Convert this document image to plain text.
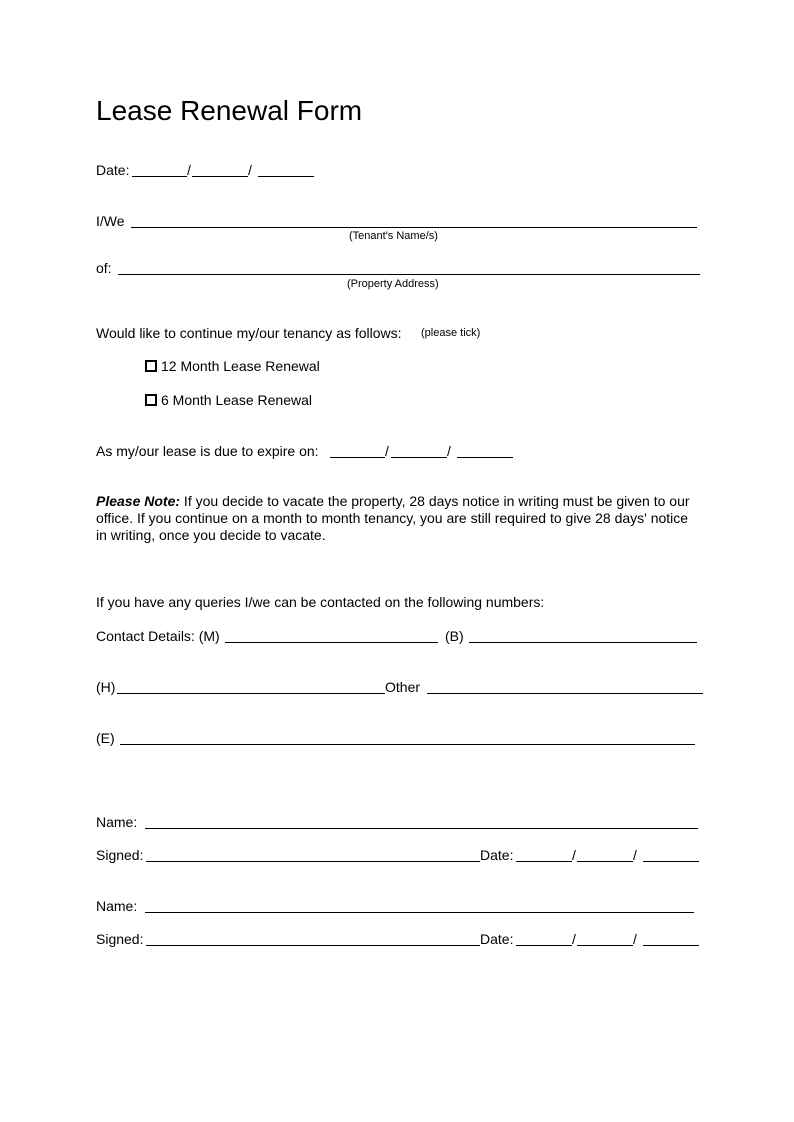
Lease Renewal Form
Date:	/	/
I/We
(Tenant's Name/s)
of:
(Property Address)
Would like to continue my/our tenancy as follows: (please tick)
12 Month Lease Renewal
6 Month Lease Renewal
As my/our lease is due to expire on:	/	/
Please Note: If you decide to vacate the property, 28 days notice in writing must be given to our office. If you continue on a month to month tenancy, you are still required to give 28 days' notice in writing, once you decide to vacate.
If you have any queries I/we can be contacted on the following numbers:
Contact Details: (M)	(B)
(H)	Other
(E)
Name:
Signed:	Date:	/	/
Name:
Signed:	Date:	/	/
